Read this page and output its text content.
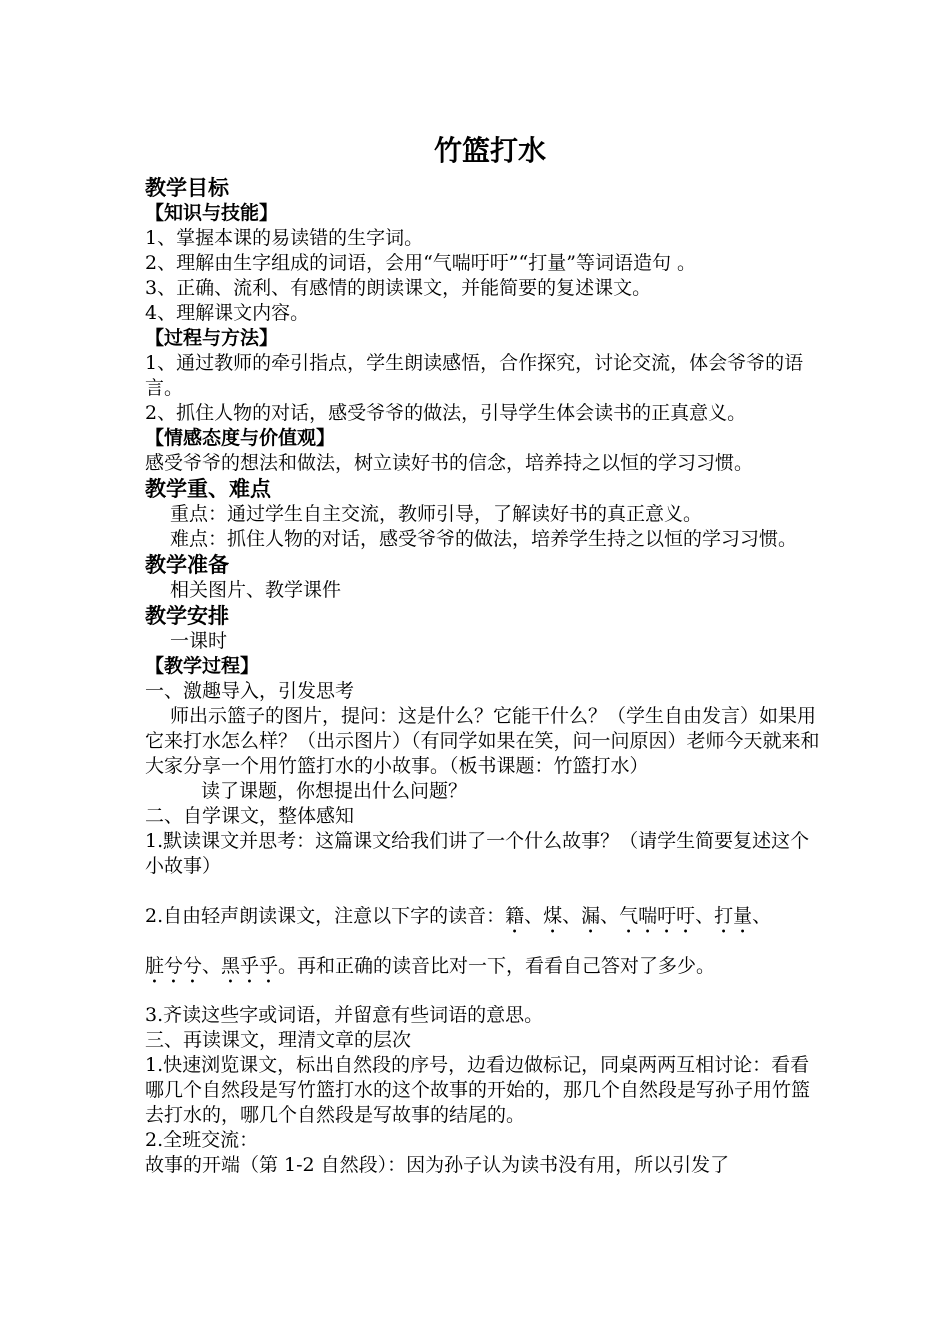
竹篮打水
教学目标
【知识与技能】
1、掌握本课的易读错的生字词。
2、理解由生字组成的词语，会用“气喘吁吁”“打量”等词语造句 。
3、正确、流利、有感情的朗读课文，并能简要的复述课文。
4、理解课文内容。
【过程与方法】
1、通过教师的牵引指点，学生朗读感悟，合作探究，讨论交流，体会爷爷的语言。
2、抓住人物的对话，感受爷爷的做法，引导学生体会读书的正真意义。
【情感态度与价值观】
感受爷爷的想法和做法，树立读好书的信念，培养持之以恒的学习习惯。
教学重、难点
重点：通过学生自主交流，教师引导，了解读好书的真正意义。
难点：抓住人物的对话，感受爷爷的做法，培养学生持之以恒的学习习惯。
教学准备
相关图片、教学课件
教学安排
一课时
【教学过程】
一、激趣导入，引发思考
师出示篮子的图片，提问：这是什么？它能干什么？（学生自由发言）如果用它来打水怎么样？（出示图片）（有同学如果在笑，问一问原因）老师今天就来和大家分享一个用竹篮打水的小故事。（板书课题：竹篮打水）
读了课题，你想提出什么问题？
二、自学课文，整体感知
1.默读课文并思考：这篇课文给我们讲了一个什么故事？（请学生简要复述这个小故事）
2.自由轻声朗读课文，注意以下字的读音：籍、煤、漏、气喘吁吁、打量、
脏兮兮、黑乎乎。再和正确的读音比对一下，看看自己答对了多少。
3.齐读这些字或词语，并留意有些词语的意思。
三、再读课文，理清文章的层次
1.快速浏览课文，标出自然段的序号，边看边做标记，同桌两两互相讨论：看看哪几个自然段是写竹篮打水的这个故事的开始的，那几个自然段是写孙子用竹篮去打水的，哪几个自然段是写故事的结尾的。
2.全班交流：
故事的开端（第 1-2 自然段）：因为孙子认为读书没有用，所以引发了
